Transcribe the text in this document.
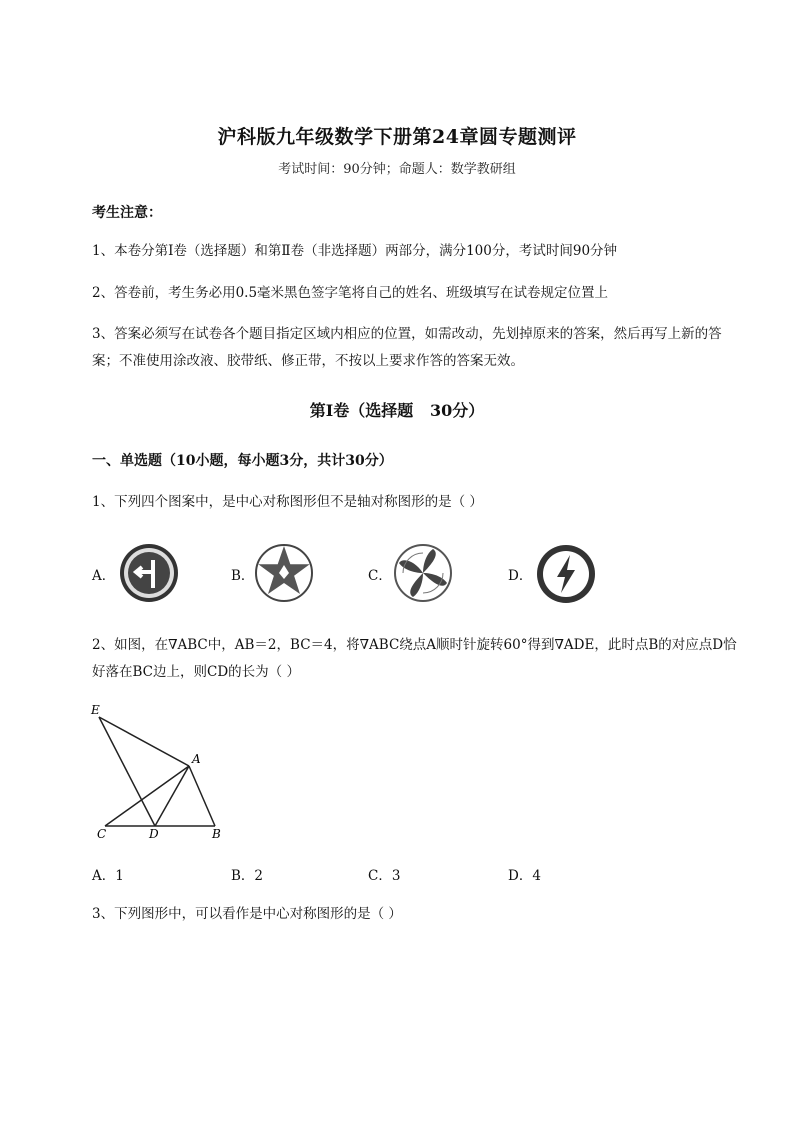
沪科版九年级数学下册第24章圆专题测评
考试时间：90分钟；命题人：数学教研组
考生注意：
1、本卷分第I卷（选择题）和第Ⅱ卷（非选择题）两部分，满分100分，考试时间90分钟
2、答卷前，考生务必用0.5毫米黑色签字笔将自己的姓名、班级填写在试卷规定位置上
3、答案必须写在试卷各个题目指定区域内相应的位置，如需改动，先划掉原来的答案，然后再写上新的答案；不准使用涂改液、胶带纸、修正带，不按以上要求作答的答案无效。
第I卷（选择题   30分）
一、单选题（10小题，每小题3分，共计30分）
1、下列四个图案中，是中心对称图形但不是轴对称图形的是（ ）
A．	B．	C．	D．
2、如图，在∇ABC中，AB＝2，BC＝4，将∇ABC绕点A顺时针旋转60°得到∇ADE，此时点B的对应点D恰好落在BC边上，则CD的长为（ ）
E
A
C	D	B
A．1	B．2	C．3	D．4
3、下列图形中，可以看作是中心对称图形的是（ ）
